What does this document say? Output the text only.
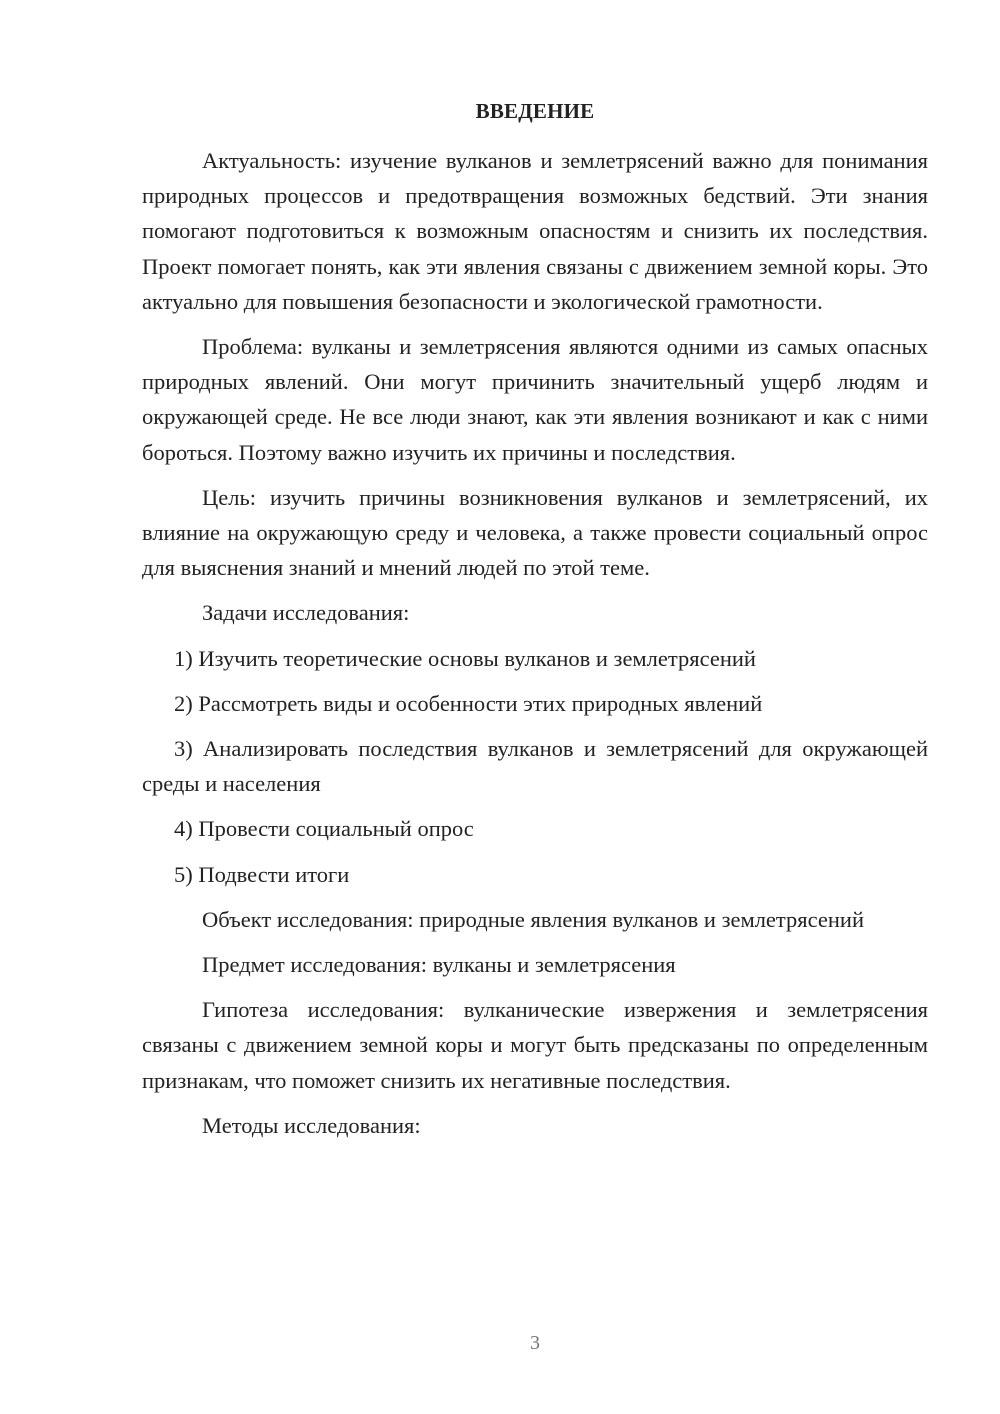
ВВЕДЕНИЕ

Актуальность: изучение вулканов и землетрясений важно для понимания природных процессов и предотвращения возможных бедствий. Эти знания помогают подготовиться к возможным опасностям и снизить их последствия. Проект помогает понять, как эти явления связаны с движением земной коры. Это актуально для повышения безопасности и экологической грамотности.

Проблема: вулканы и землетрясения являются одними из самых опасных природных явлений. Они могут причинить значительный ущерб людям и окружающей среде. Не все люди знают, как эти явления возникают и как с ними бороться. Поэтому важно изучить их причины и последствия.

Цель: изучить причины возникновения вулканов и землетрясений, их влияние на окружающую среду и человека, а также провести социальный опрос для выяснения знаний и мнений людей по этой теме.

Задачи исследования:

1) Изучить теоретические основы вулканов и землетрясений

2) Рассмотреть виды и особенности этих природных явлений

3) Анализировать последствия вулканов и землетрясений для окружающей среды и населения

4) Провести социальный опрос

5) Подвести итоги

Объект исследования: природные явления вулканов и землетрясений

Предмет исследования: вулканы и землетрясения

Гипотеза исследования: вулканические извержения и землетрясения связаны с движением земной коры и могут быть предсказаны по определенным признакам, что поможет снизить их негативные последствия.

Методы исследования:

3
